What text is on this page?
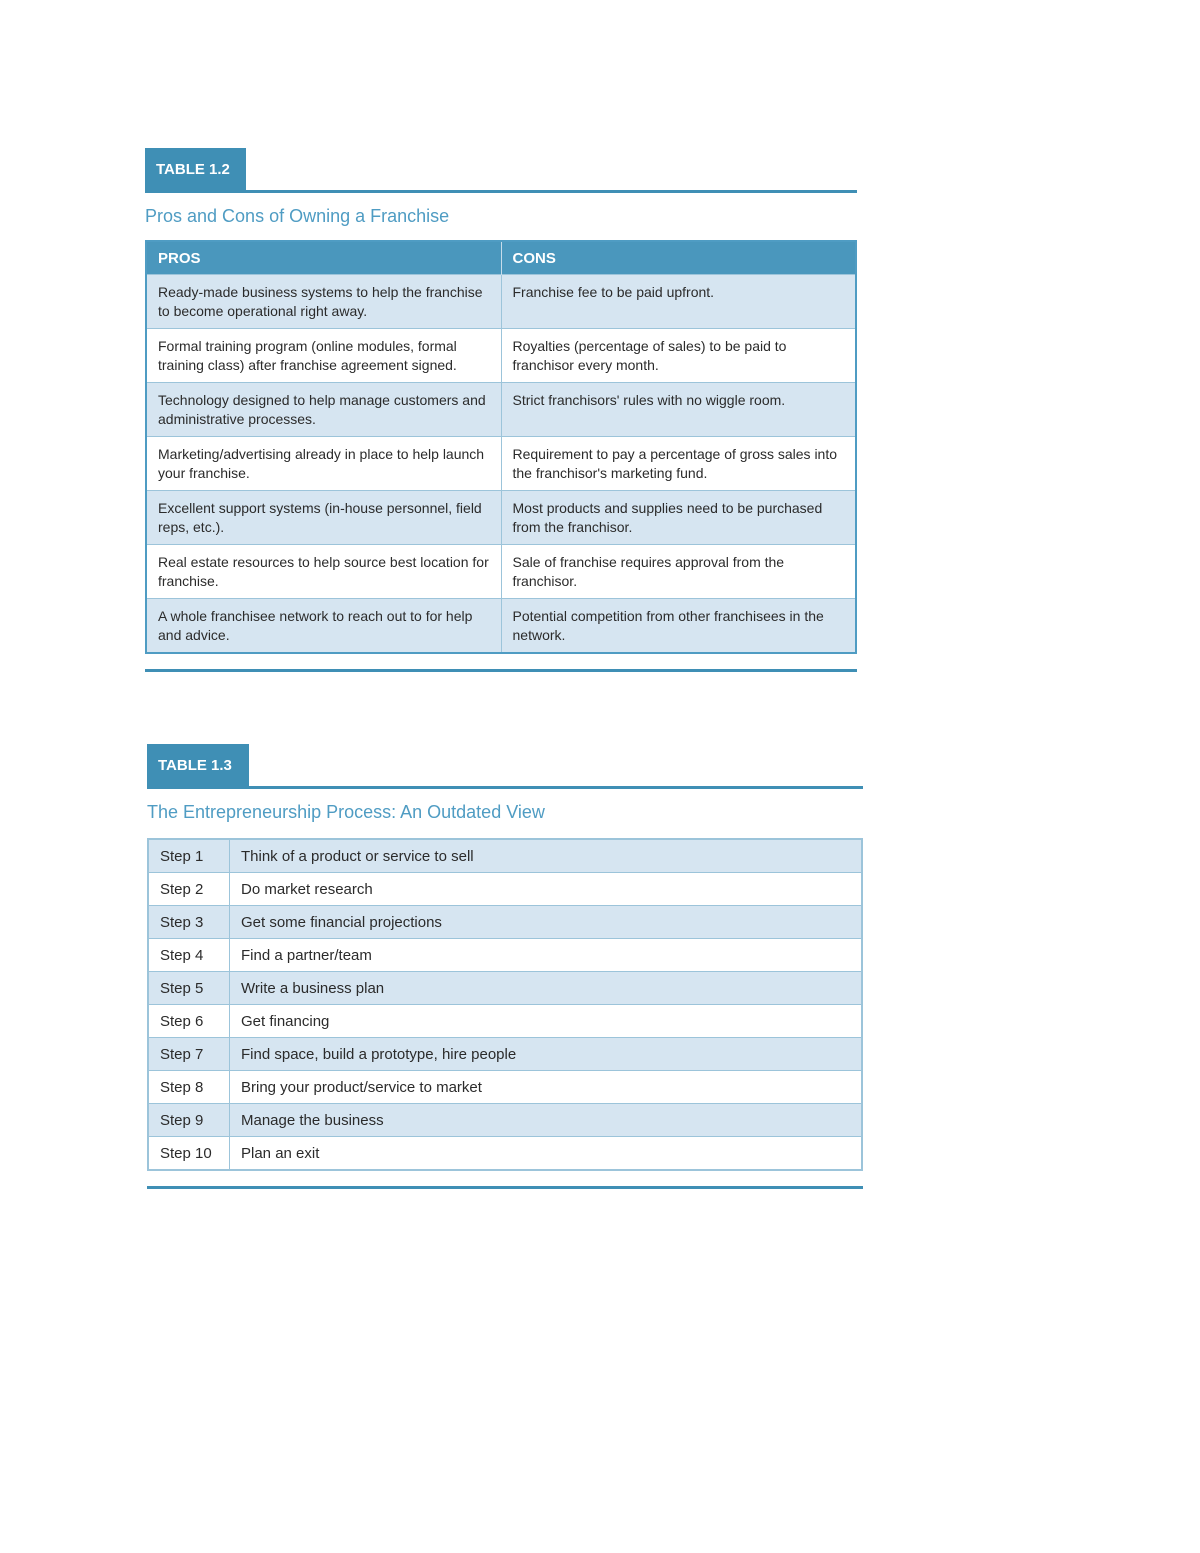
TABLE 1.2
Pros and Cons of Owning a Franchise
PROS	CONS
Ready-made business systems to help the franchise to become operational right away.	Franchise fee to be paid upfront.
Formal training program (online modules, formal training class) after franchise agreement signed.	Royalties (percentage of sales) to be paid to franchisor every month.
Technology designed to help manage customers and administrative processes.	Strict franchisors' rules with no wiggle room.
Marketing/advertising already in place to help launch your franchise.	Requirement to pay a percentage of gross sales into the franchisor's marketing fund.
Excellent support systems (in-house personnel, field reps, etc.).	Most products and supplies need to be purchased from the franchisor.
Real estate resources to help source best location for franchise.	Sale of franchise requires approval from the franchisor.
A whole franchisee network to reach out to for help and advice.	Potential competition from other franchisees in the network.
TABLE 1.3
The Entrepreneurship Process: An Outdated View
Step 1	Think of a product or service to sell
Step 2	Do market research
Step 3	Get some financial projections
Step 4	Find a partner/team
Step 5	Write a business plan
Step 6	Get financing
Step 7	Find space, build a prototype, hire people
Step 8	Bring your product/service to market
Step 9	Manage the business
Step 10	Plan an exit
